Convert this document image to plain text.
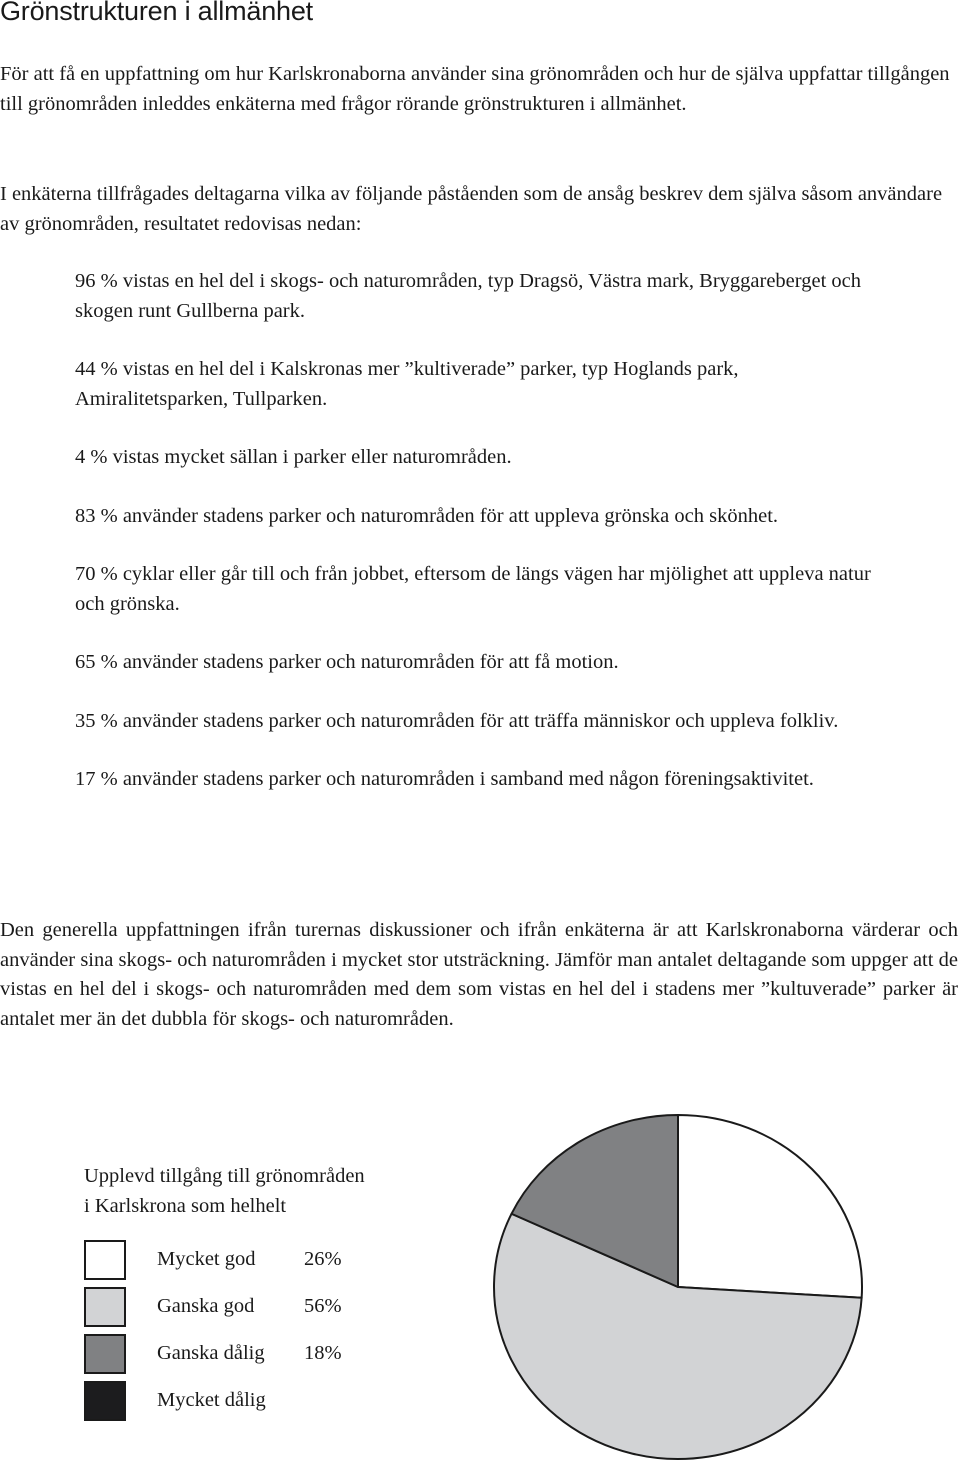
Grönstrukturen i allmänhet

För att få en uppfattning om hur Karlskronaborna använder sina grönområden och hur de själva uppfattar tillgången till grönområden inleddes enkäterna med frågor rörande grönstrukturen i allmänhet.

I enkäterna tillfrågades deltagarna vilka av följande påståenden som de ansåg beskrev dem själva såsom användare av grönområden, resultatet redovisas nedan:

96 % vistas en hel del i skogs- och naturområden, typ Dragsö, Västra mark, Bryggareberget och skogen runt Gullberna park.
44 % vistas en hel del i Kalskronas mer ”kultiverade” parker, typ Hoglands park, Amiralitetsparken, Tullparken.
4 % vistas mycket sällan i parker eller naturområden.
83 % använder stadens parker och naturområden för att uppleva grönska och skönhet.
70 % cyklar eller går till och från jobbet, eftersom de längs vägen har mjölighet att uppleva natur och grönska.
65 % använder stadens parker och naturområden för att få motion.
35 % använder stadens parker och naturområden för att träffa människor och uppleva folkliv.
17 % använder stadens parker och naturområden i samband med någon föreningsaktivitet.

Den generella uppfattningen ifrån turernas diskussioner och ifrån enkäterna är att Karlskronaborna värderar och använder sina skogs- och naturområden i mycket stor utsträckning. Jämför man antalet deltagande som uppger att de vistas en hel del i skogs- och naturområden med dem som vistas en hel del i stadens mer ”kultuverade” parker är antalet mer än det dubbla för skogs- och naturområden.

Upplevd tillgång till grönområden
i Karlskrona som helhelt
Mycket god 26%
Ganska god 56%
Ganska dålig 18%
Mycket dålig
